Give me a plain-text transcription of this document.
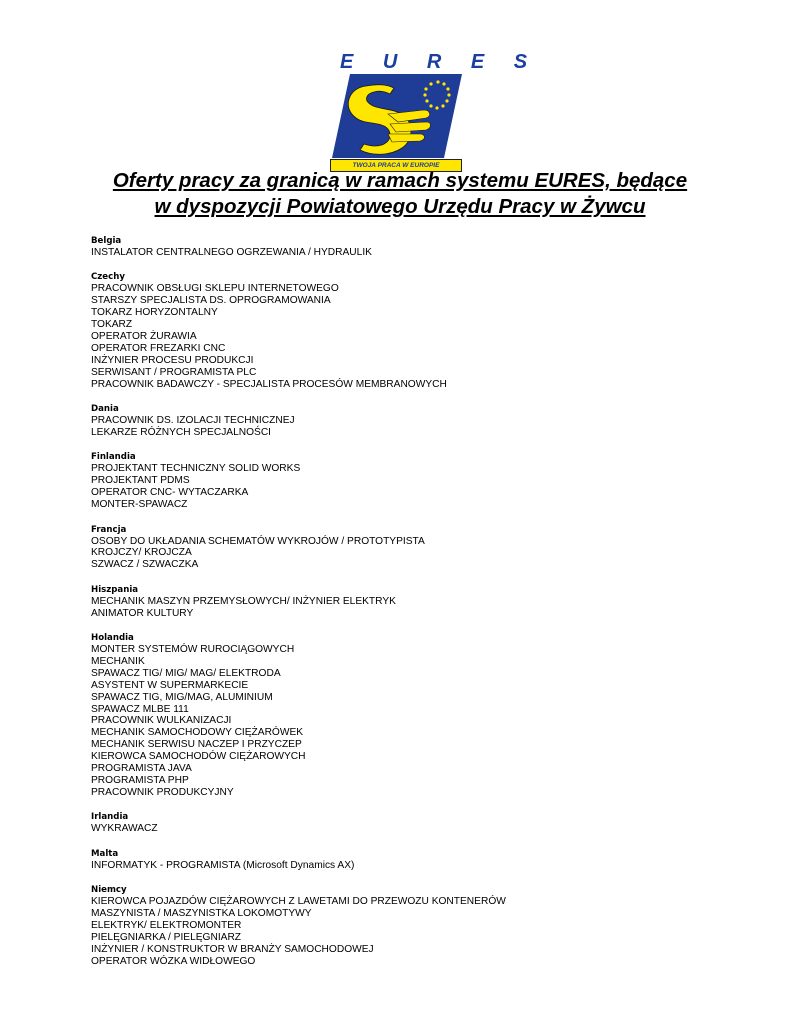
E U R E S
TWOJA PRACA W EUROPIE
Oferty pracy za granicą w ramach systemu EURES, będące
w dyspozycji Powiatowego Urzędu Pracy w Żywcu
Belgia
INSTALATOR CENTRALNEGO OGRZEWANIA / HYDRAULIK
Czechy
PRACOWNIK OBSŁUGI SKLEPU INTERNETOWEGO
STARSZY SPECJALISTA DS. OPROGRAMOWANIA
TOKARZ HORYZONTALNY
TOKARZ
OPERATOR ŻURAWIA
OPERATOR FREZARKI CNC
INŻYNIER PROCESU PRODUKCJI
SERWISANT / PROGRAMISTA PLC
PRACOWNIK BADAWCZY - SPECJALISTA PROCESÓW MEMBRANOWYCH
Dania
PRACOWNIK DS. IZOLACJI TECHNICZNEJ
LEKARZE RÓŻNYCH SPECJALNOŚCI
Finlandia
PROJEKTANT TECHNICZNY SOLID WORKS
PROJEKTANT PDMS
OPERATOR CNC- WYTACZARKA
MONTER-SPAWACZ
Francja
OSOBY DO UKŁADANIA SCHEMATÓW WYKROJÓW / PROTOTYPISTA
KROJCZY/ KROJCZA
SZWACZ / SZWACZKA
Hiszpania
MECHANIK MASZYN PRZEMYSŁOWYCH/ INŻYNIER ELEKTRYK
ANIMATOR KULTURY
Holandia
MONTER SYSTEMÓW RUROCIĄGOWYCH
MECHANIK
SPAWACZ TIG/ MIG/ MAG/ ELEKTRODA
ASYSTENT W SUPERMARKECIE
SPAWACZ TIG, MIG/MAG, ALUMINIUM
SPAWACZ MLBE 111
PRACOWNIK WULKANIZACJI
MECHANIK SAMOCHODOWY CIĘŻARÓWEK
MECHANIK SERWISU NACZEP I PRZYCZEP
KIEROWCA SAMOCHODÓW CIĘŻAROWYCH
PROGRAMISTA JAVA
PROGRAMISTA PHP
PRACOWNIK PRODUKCYJNY
Irlandia
WYKRAWACZ
Malta
INFORMATYK - PROGRAMISTA (Microsoft Dynamics AX)
Niemcy
KIEROWCA POJAZDÓW CIĘŻAROWYCH Z LAWETAMI DO PRZEWOZU KONTENERÓW
MASZYNISTA / MASZYNISTKA LOKOMOTYWY
ELEKTRYK/ ELEKTROMONTER
PIELĘGNIARKA / PIELĘGNIARZ
INŻYNIER / KONSTRUKTOR W BRANŻY SAMOCHODOWEJ
OPERATOR WÓZKA WIDŁOWEGO
